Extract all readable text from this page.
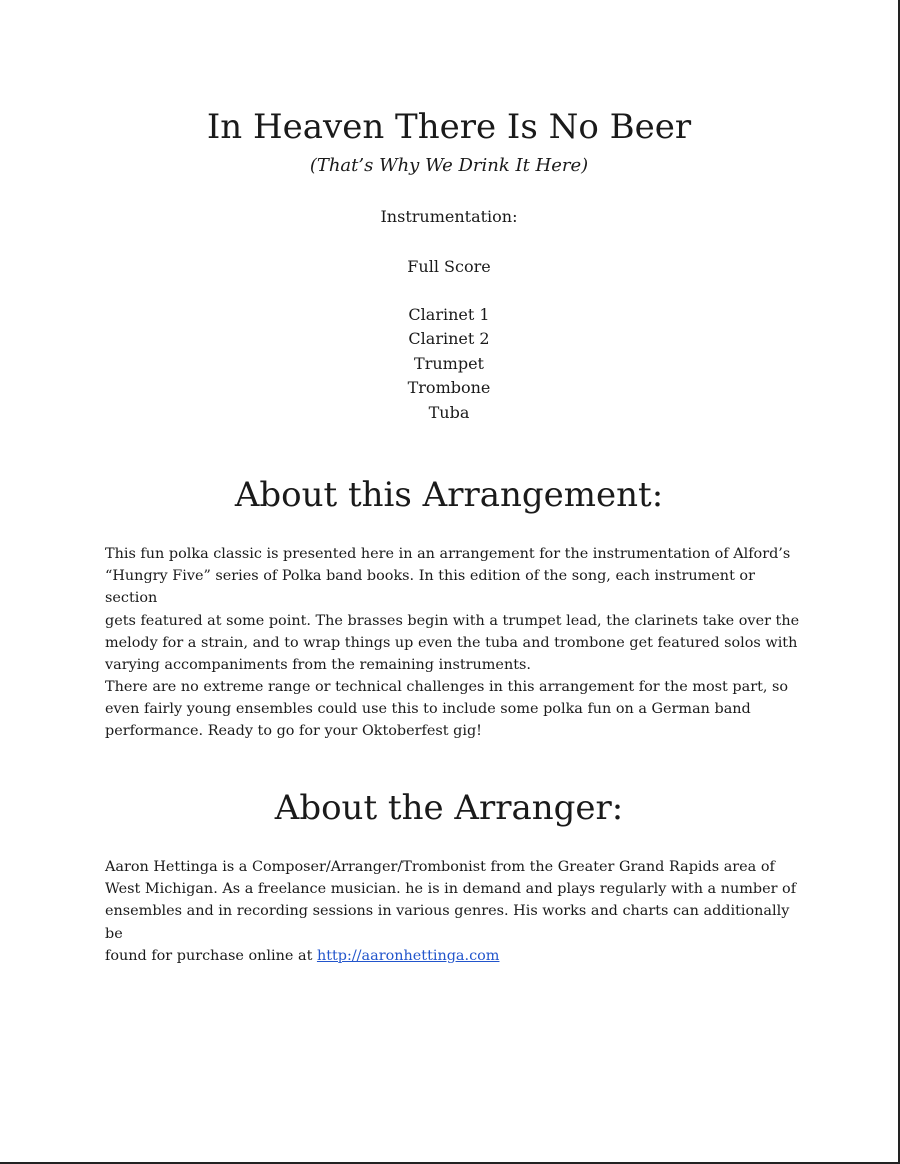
In Heaven There Is No Beer
(That’s Why We Drink It Here)
Instrumentation:
Full Score
Clarinet 1
Clarinet 2
Trumpet
Trombone
Tuba
About this Arrangement:

This fun polka classic is presented here in an arrangement for the instrumentation of Alford’s
“Hungry Five” series of Polka band books. In this edition of the song, each instrument or section
gets featured at some point. The brasses begin with a trumpet lead, the clarinets take over the
melody for a strain, and to wrap things up even the tuba and trombone get featured solos with
varying accompaniments from the remaining instruments.

There are no extreme range or technical challenges in this arrangement for the most part, so
even fairly young ensembles could use this to include some polka fun on a German band
performance. Ready to go for your Oktoberfest gig!

About the Arranger:

Aaron Hettinga is a Composer/Arranger/Trombonist from the Greater Grand Rapids area of
West Michigan. As a freelance musician. he is in demand and plays regularly with a number of
ensembles and in recording sessions in various genres. His works and charts can additionally be
found for purchase online at http://aaronhettinga.com
